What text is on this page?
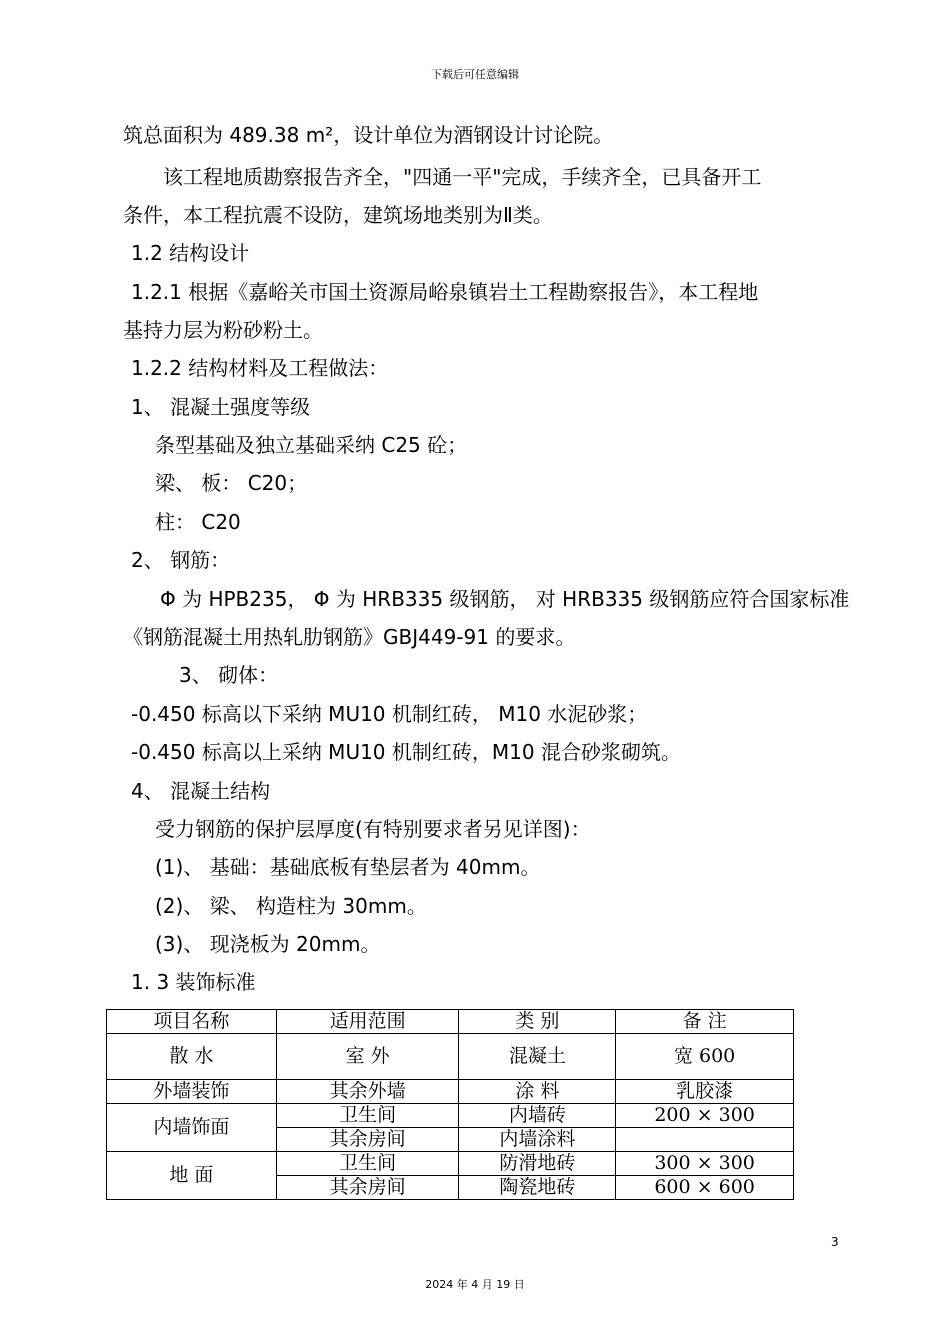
下载后可任意编辑
筑总面积为 489.38 m²，设计单位为酒钢设计讨论院。
该工程地质勘察报告齐全，"四通一平"完成，手续齐全，已具备开工
条件，本工程抗震不设防，建筑场地类别为Ⅱ类。
1.2 结构设计
1.2.1 根据《嘉峪关市国土资源局峪泉镇岩土工程勘察报告》，本工程地
基持力层为粉砂粉土。
1.2.2 结构材料及工程做法：
1、 混凝土强度等级
条型基础及独立基础采纳 C25 砼；
梁、 板： C20；
柱： C20
2、 钢筋：
Φ 为 HPB235， Φ 为 HRB335 级钢筋， 对 HRB335 级钢筋应符合国家标准
《钢筋混凝土用热轧肋钢筋》GBJ449-91 的要求。
3、 砌体：
-0.450 标高以下采纳 MU10 机制红砖， M10 水泥砂浆；
-0.450 标高以上采纳 MU10 机制红砖，M10 混合砂浆砌筑。
4、 混凝土结构
受力钢筋的保护层厚度(有特别要求者另见详图)：
(1)、 基础：基础底板有垫层者为 40mm。
(2)、 梁、 构造柱为 30mm。
(3)、 现浇板为 20mm。
1. 3 装饰标准
项目名称	适用范围	类 别	备 注
散 水	室 外	混凝土	宽 600
外墙装饰	其余外墙	涂 料	乳胶漆
内墙饰面	卫生间	内墙砖	200 × 300
	其余房间	内墙涂料	
地 面	卫生间	防滑地砖	300 × 300
	其余房间	陶瓷地砖	600 × 600
3
2024 年 4 月 19 日
